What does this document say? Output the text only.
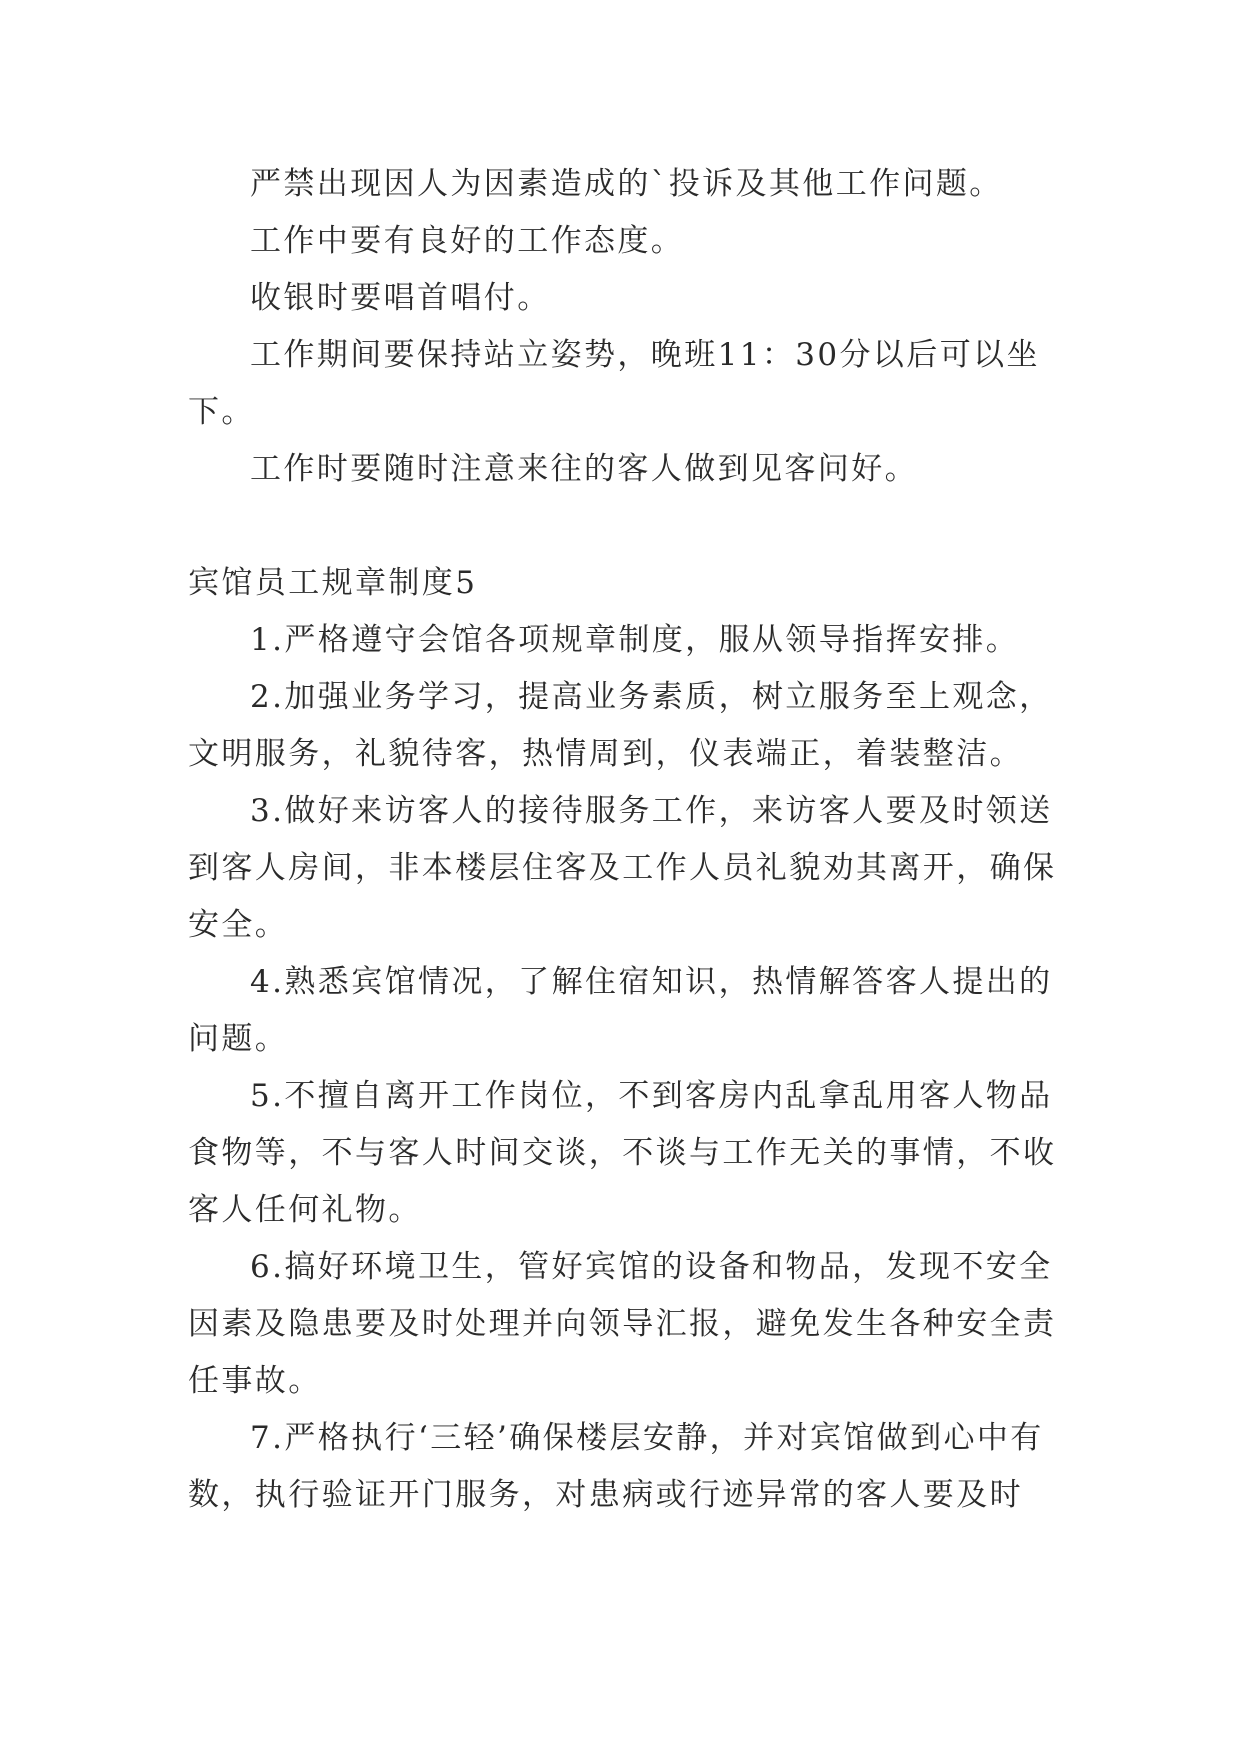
严禁出现因人为因素造成的`投诉及其他工作问题。

工作中要有良好的工作态度。

收银时要唱首唱付。

工作期间要保持站立姿势，晚班11：30分以后可以坐下。

工作时要随时注意来往的客人做到见客问好。

宾馆员工规章制度5

1.严格遵守会馆各项规章制度，服从领导指挥安排。

2.加强业务学习，提高业务素质，树立服务至上观念，文明服务，礼貌待客，热情周到，仪表端正，着装整洁。

3.做好来访客人的接待服务工作，来访客人要及时领送到客人房间，非本楼层住客及工作人员礼貌劝其离开，确保安全。

4.熟悉宾馆情况，了解住宿知识，热情解答客人提出的问题。

5.不擅自离开工作岗位，不到客房内乱拿乱用客人物品食物等，不与客人时间交谈，不谈与工作无关的事情，不收客人任何礼物。

6.搞好环境卫生，管好宾馆的设备和物品，发现不安全因素及隐患要及时处理并向领导汇报，避免发生各种安全责任事故。

7.严格执行‘三轻’确保楼层安静，并对宾馆做到心中有数，执行验证开门服务，对患病或行迹异常的客人要及时
